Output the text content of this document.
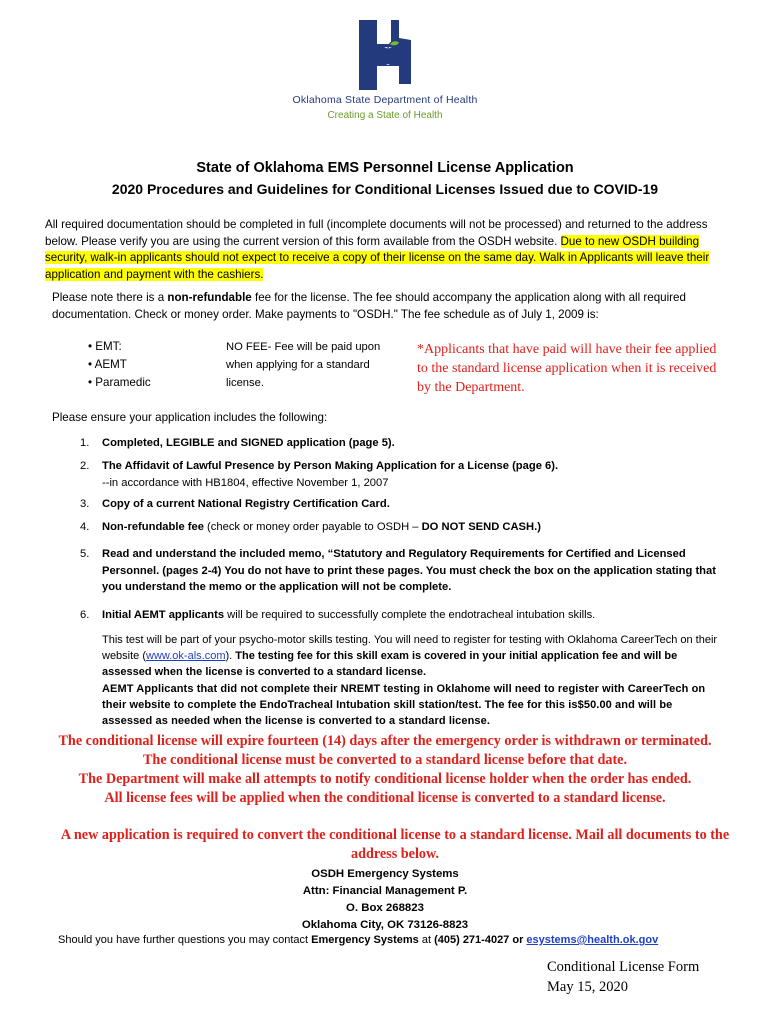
Oklahoma State Department of Health
Creating a State of Health
State of Oklahoma EMS Personnel License Application
2020 Procedures and Guidelines for Conditional Licenses Issued due to COVID-19
All required documentation should be completed in full (incomplete documents will not be processed) and returned to the address below. Please verify you are using the current version of this form available from the OSDH website. Due to new OSDH building security, walk-in applicants should not expect to receive a copy of their license on the same day. Walk in Applicants will leave their application and payment with the cashiers.
Please note there is a non-refundable fee for the license. The fee should accompany the application along with all required documentation. Check or money order. Make payments to "OSDH." The fee schedule as of July 1, 2009 is:
• EMT:
• AEMT
• Paramedic
NO FEE- Fee will be paid upon when applying for a standard license.
*Applicants that have paid will have their fee applied to the standard license application when it is received by the Department.
Please ensure your application includes the following:
1. Completed, LEGIBLE and SIGNED application (page 5).
2. The Affidavit of Lawful Presence by Person Making Application for a License (page 6).
--in accordance with HB1804, effective November 1, 2007
3. Copy of a current National Registry Certification Card.
4. Non-refundable fee (check or money order payable to OSDH – DO NOT SEND CASH.)
5. Read and understand the included memo, “Statutory and Regulatory Requirements for Certified and Licensed Personnel. (pages 2-4) You do not have to print these pages. You must check the box on the application stating that you understand the memo or the application will not be complete.
6. Initial AEMT applicants will be required to successfully complete the endotracheal intubation skills.
This test will be part of your psycho-motor skills testing. You will need to register for testing with Oklahoma CareerTech on their website (www.ok-als.com). The testing fee for this skill exam is covered in your initial application fee and will be assessed when the license is converted to a standard license.
AEMT Applicants that did not complete their NREMT testing in Oklahome will need to register with CareerTech on their website to complete the EndoTracheal Intubation skill station/test. The fee for this is$50.00 and will be assessed as needed when the license is converted to a standard license.
The conditional license will expire fourteen (14) days after the emergency order is withdrawn or terminated.
The conditional license must be converted to a standard license before that date.
The Department will make all attempts to notify conditional license holder when the order has ended.
All license fees will be applied when the conditional license is converted to a standard license.
A new application is required to convert the conditional license to a standard license. Mail all documents to the address below.
OSDH Emergency Systems
Attn: Financial Management P.
O. Box 268823
Oklahoma City, OK 73126-8823
Should you have further questions you may contact Emergency Systems at (405) 271-4027 or esystems@health.ok.gov
Conditional License Form
May 15, 2020
